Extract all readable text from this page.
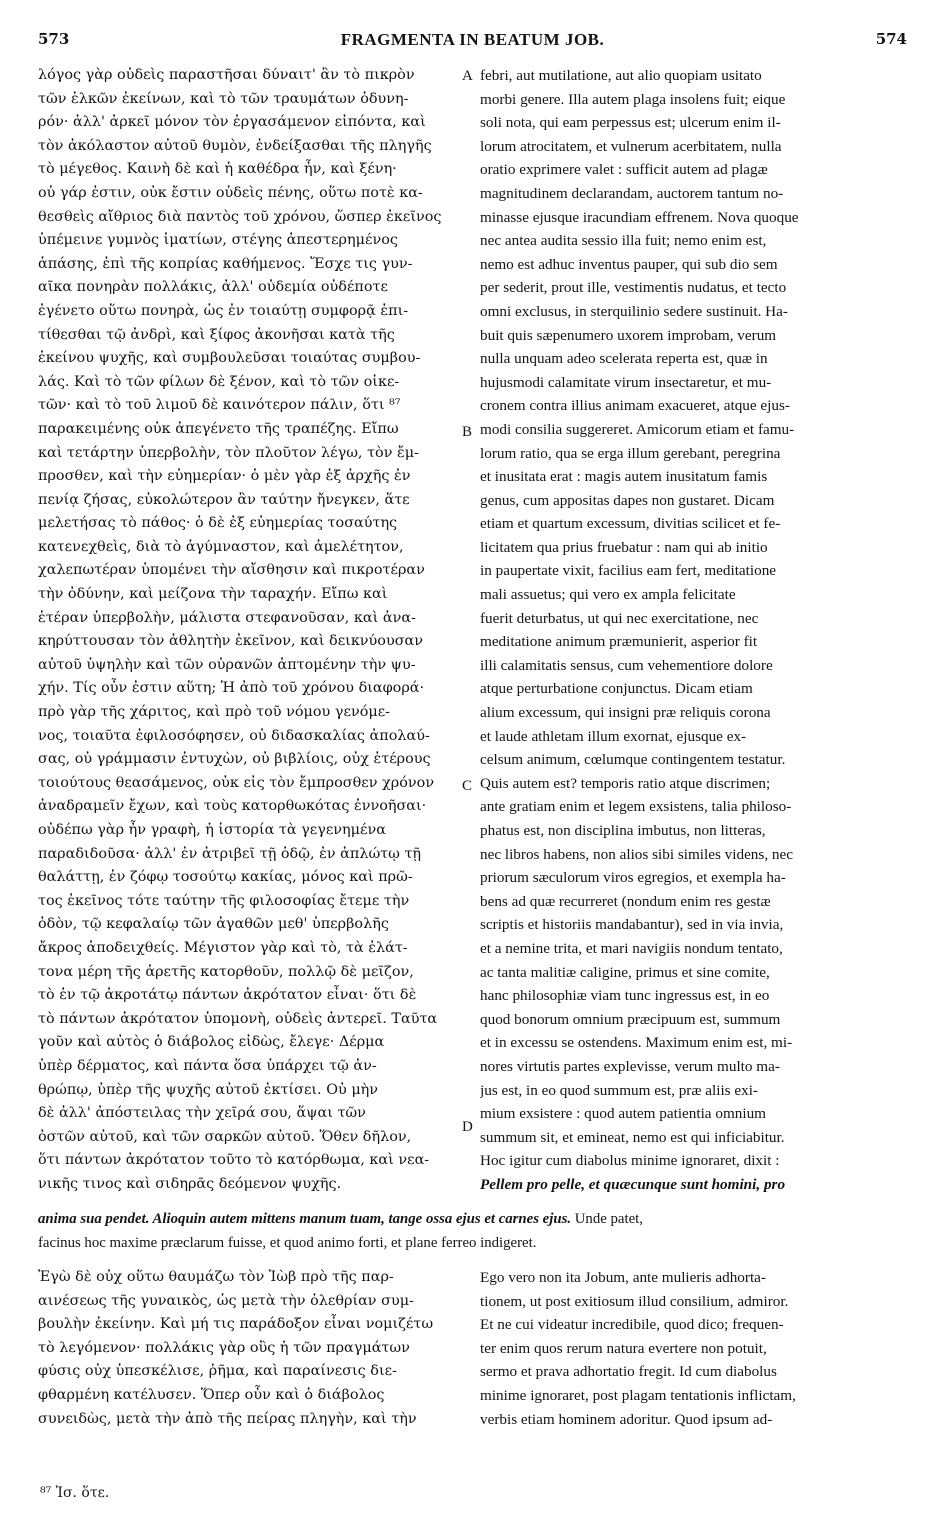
573	FRAGMENTA IN BEATUM JOB.	574
λόγος γὰρ οὐδεὶς παραστῆσαι δύναιτ' ἂν τὸ πικρὸν
τῶν ἑλκῶν ἐκείνων, καὶ τὸ τῶν τραυμάτων ὀδυνη-
ρόν· ἀλλ' ἀρκεῖ μόνον τὸν ἐργασάμενον εἰπόντα, καὶ
τὸν ἀκόλαστον αὐτοῦ θυμὸν, ἐνδείξασθαι τῆς πληγῆς
τὸ μέγεθος. Καινὴ δὲ καὶ ἡ καθέδρα ἦν, καὶ ξένη·
οὐ γάρ ἐστιν, οὐκ ἔστιν οὐδεὶς πένης, οὕτω ποτὲ κα-
θεσθεὶς αἴθριος διὰ παντὸς τοῦ χρόνου, ὥσπερ ἐκεῖνος
ὑπέμεινε γυμνὸς ἱματίων, στέγης ἀπεστερημένος
ἁπάσης, ἐπὶ τῆς κοπρίας καθήμενος. Ἔσχε τις γυν-
αῖκα πονηρὰν πολλάκις, ἀλλ' οὐδεμία οὐδέποτε
ἐγένετο οὕτω πονηρὰ, ὡς ἐν τοιαύτῃ συμφορᾷ ἐπι-
τίθεσθαι τῷ ἀνδρὶ, καὶ ξίφος ἀκονῆσαι κατὰ τῆς
ἐκείνου ψυχῆς, καὶ συμβουλεῦσαι τοιαύτας συμβου-
λάς. Καὶ τὸ τῶν φίλων δὲ ξένον, καὶ τὸ τῶν οἰκε-
τῶν· καὶ τὸ τοῦ λιμοῦ δὲ καινότερον πάλιν, ὅτι ⁸⁷
παρακειμένης οὐκ ἀπεγένετο τῆς τραπέζης. Εἴπω
καὶ τετάρτην ὑπερβολὴν, τὸν πλοῦτον λέγω, τὸν ἔμ-
προσθεν, καὶ τὴν εὐημερίαν· ὁ μὲν γὰρ ἐξ ἀρχῆς ἐν
πενίᾳ ζήσας, εὐκολώτερον ἂν ταύτην ἤνεγκεν, ἅτε
μελετήσας τὸ πάθος· ὁ δὲ ἐξ εὐημερίας τοσαύτης
κατενεχθεὶς, διὰ τὸ ἀγύμναστον, καὶ ἀμελέτητον,
χαλεπωτέραν ὑπομένει τὴν αἴσθησιν καὶ πικροτέραν
τὴν ὀδύνην, καὶ μείζονα τὴν ταραχήν. Εἴπω καὶ
ἑτέραν ὑπερβολὴν, μάλιστα στεφανοῦσαν, καὶ ἀνα-
κηρύττουσαν τὸν ἀθλητὴν ἐκεῖνον, καὶ δεικνύουσαν
αὐτοῦ ὑψηλὴν καὶ τῶν οὐρανῶν ἁπτομένην τὴν ψυ-
χήν. Τίς οὖν ἐστιν αὕτη; Ἡ ἀπὸ τοῦ χρόνου διαφορά·
πρὸ γὰρ τῆς χάριτος, καὶ πρὸ τοῦ νόμου γενόμε-
νος, τοιαῦτα ἐφιλοσόφησεν, οὐ διδασκαλίας ἀπολαύ-
σας, οὐ γράμμασιν ἐντυχὼν, οὐ βιβλίοις, οὐχ ἑτέρους
τοιούτους θεασάμενος, οὐκ εἰς τὸν ἔμπροσθεν χρόνον
ἀναδραμεῖν ἔχων, καὶ τοὺς κατορθωκότας ἐννοῆσαι·
οὐδέπω γὰρ ἦν γραφὴ, ἡ ἱστορία τὰ γεγενημένα
παραδιδοῦσα· ἀλλ' ἐν ἀτριβεῖ τῇ ὁδῷ, ἐν ἀπλώτῳ τῇ
θαλάττῃ, ἐν ζόφῳ τοσούτῳ κακίας, μόνος καὶ πρῶ-
τος ἐκεῖνος τότε ταύτην τῆς φιλοσοφίας ἔτεμε τὴν
ὁδὸν, τῷ κεφαλαίῳ τῶν ἀγαθῶν μεθ' ὑπερβολῆς
ἄκρος ἀποδειχθείς. Μέγιστον γὰρ καὶ τὸ, τὰ ἐλάτ-
τονα μέρη τῆς ἀρετῆς κατορθοῦν, πολλῷ δὲ μεῖζον,
τὸ ἐν τῷ ἀκροτάτῳ πάντων ἀκρότατον εἶναι· ὅτι δὲ
τὸ πάντων ἀκρότατον ὑπομονὴ, οὐδεὶς ἀντερεῖ. Ταῦτα
γοῦν καὶ αὐτὸς ὁ διάβολος εἰδὼς, ἔλεγε· Δέρμα
ὑπὲρ δέρματος, καὶ πάντα ὅσα ὑπάρχει τῷ ἀν-
θρώπῳ, ὑπὲρ τῆς ψυχῆς αὐτοῦ ἐκτίσει. Οὐ μὴν
δὲ ἀλλ' ἀπόστειλας τὴν χεῖρά σου, ἅψαι τῶν
ὀστῶν αὐτοῦ, καὶ τῶν σαρκῶν αὐτοῦ. Ὅθεν δῆλον,
ὅτι πάντων ἀκρότατον τοῦτο τὸ κατόρθωμα, καὶ νεα-
νικῆς τινος καὶ σιδηρᾶς δεόμενον ψυχῆς.
febri, aut mutilatione, aut alio quopiam usitato
morbi genere. Illa autem plaga insolens fuit; eique
soli nota, qui eam perpessus est; ulcerum enim il-
lorum atrocitatem, et vulnerum acerbitatem, nulla
oratio exprimere valet : sufficit autem ad plagæ
magnitudinem declarandam, auctorem tantum no-
minasse ejusque iracundiam effrenem. Nova quoque
nec antea audita sessio illa fuit; nemo enim est,
nemo est adhuc inventus pauper, qui sub dio sem
per sederit, prout ille, vestimentis nudatus, et tecto
omni exclusus, in sterquilinio sedere sustinuit. Ha-
buit quis sæpenumero uxorem improbam, verum
nulla unquam adeo scelerata reperta est, quæ in
hujusmodi calamitate virum insectaretur, et mu-
cronem contra illius animam exacueret, atque ejus-
modi consilia suggereret. Amicorum etiam et famu-
lorum ratio, qua se erga illum gerebant, peregrina
et inusitata erat : magis autem inusitatum famis
genus, cum appositas dapes non gustaret. Dicam
etiam et quartum excessum, divitias scilicet et fe-
licitatem qua prius fruebatur : nam qui ab initio
in paupertate vixit, facilius eam fert, meditatione
mali assuetus; qui vero ex ampla felicitate
fuerit deturbatus, ut qui nec exercitatione, nec
meditatione animum præmunierit, asperior fit
illi calamitatis sensus, cum vehementiore dolore
atque perturbatione conjunctus. Dicam etiam
alium excessum, qui insigni præ reliquis corona
et laude athletam illum exornat, ejusque ex-
celsum animum, cœlumque contingentem testatur.
Quis autem est? temporis ratio atque discrimen;
ante gratiam enim et legem exsistens, talia philoso-
phatus est, non disciplina imbutus, non litteras,
nec libros habens, non alios sibi similes videns, nec
priorum sæculorum viros egregios, et exempla ha-
bens ad quæ recurreret (nondum enim res gestæ
scriptis et historiis mandabantur), sed in via invia,
et a nemine trita, et mari navigiis nondum tentato,
ac tanta malitiæ caligine, primus et sine comite,
hanc philosophiæ viam tunc ingressus est, in eo
quod bonorum omnium præcipuum est, summum
et in excessu se ostendens. Maximum enim est, mi-
nores virtutis partes explevisse, verum multo ma-
jus est, in eo quod summum est, præ aliis exi-
mium exsistere : quod autem patientia omnium
summum sit, et emineat, nemo est qui inficiabitur.
Hoc igitur cum diabolus minime ignoraret, dixit :
Pellem pro pelle, et quæcunque sunt homini, pro
A
B
C
D
anima sua pendet. Alioquin autem mittens manum tuam, tange ossa ejus et carnes ejus. Unde patet,
facinus hoc maxime præclarum fuisse, et quod animo forti, et plane ferreo indigeret.
Ἐγὼ δὲ οὐχ οὕτω θαυμάζω τὸν Ἰὼβ πρὸ τῆς παρ-
αινέσεως τῆς γυναικὸς, ὡς μετὰ τὴν ὀλεθρίαν συμ-
βουλὴν ἐκείνην. Καὶ μή τις παράδοξον εἶναι νομιζέτω
τὸ λεγόμενον· πολλάκις γὰρ οὓς ἡ τῶν πραγμάτων
φύσις οὐχ ὑπεσκέλισε, ῥῆμα, καὶ παραίνεσις διε-
φθαρμένη κατέλυσεν. Ὅπερ οὖν καὶ ὁ διάβολος
συνειδὼς, μετὰ τὴν ἀπὸ τῆς πείρας πληγὴν, καὶ τὴν
Ego vero non ita Jobum, ante mulieris adhorta-
tionem, ut post exitiosum illud consilium, admiror.
Et ne cui videatur incredibile, quod dico; frequen-
ter enim quos rerum natura evertere non potuit,
sermo et prava adhortatio fregit. Id cum diabolus
minime ignoraret, post plagam tentationis inflictam,
verbis etiam hominem adoritur. Quod ipsum ad-
⁸⁷ Ἰσ. ὅτε.
